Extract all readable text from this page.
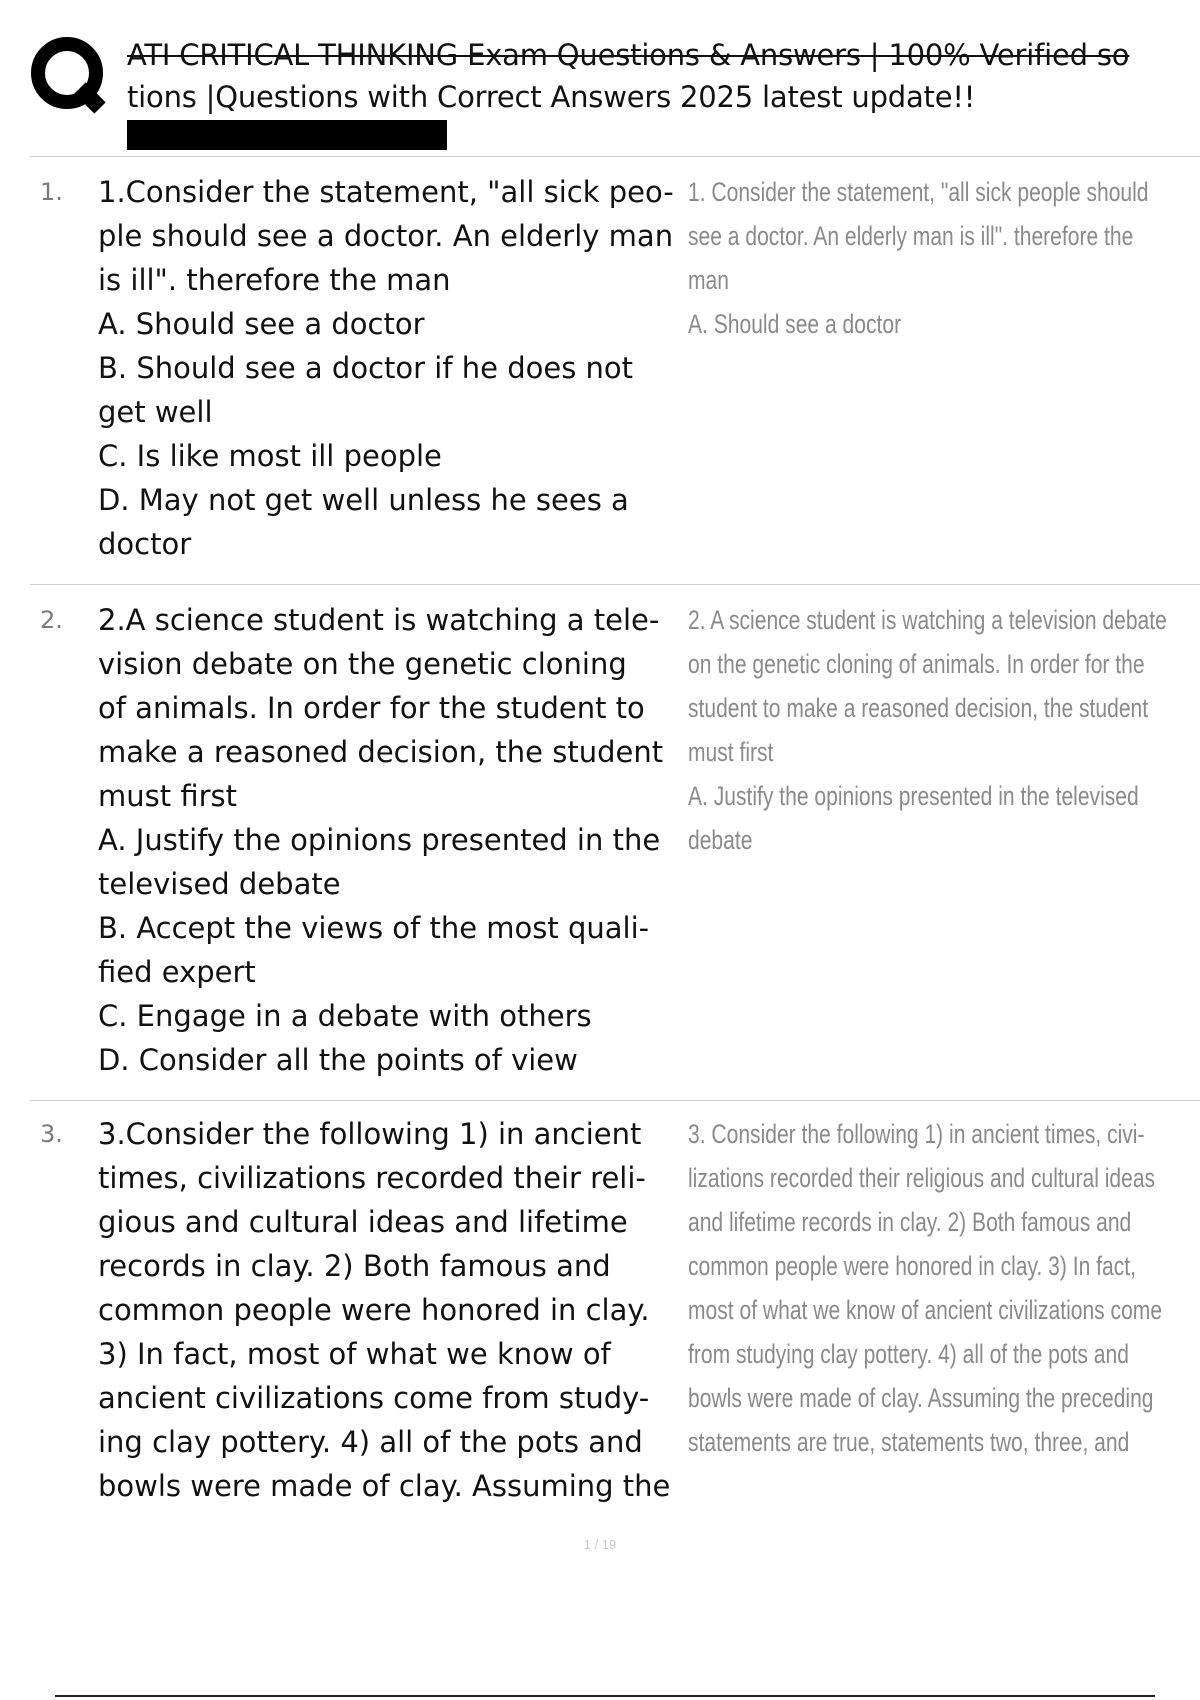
ATI CRITICAL THINKING Exam Questions & Answers | 100% Verified so
tions |Questions with Correct Answers 2025 latest update!!
1. 1.Consider the statement, "all sick peo-

ple should see a doctor. An elderly man

is ill". therefore the man

A. Should see a doctor

B. Should see a doctor if he does not

get well

C. Is like most ill people

D. May not get well unless he sees a

doctor

1. Consider the statement, "all sick people should

see a doctor. An elderly man is ill". therefore the

man

A. Should see a doctor

2. 2.A science student is watching a tele-

vision debate on the genetic cloning

of animals. In order for the student to

make a reasoned decision, the student

must first

A. Justify the opinions presented in the

televised debate

B. Accept the views of the most quali-

fied expert

C. Engage in a debate with others

D. Consider all the points of view

2. A science student is watching a television debate

on the genetic cloning of animals. In order for the

student to make a reasoned decision, the student

must first

A. Justify the opinions presented in the televised

debate

3. 3.Consider the following 1) in ancient

times, civilizations recorded their reli-

gious and cultural ideas and lifetime

records in clay. 2) Both famous and

common people were honored in clay.

3) In fact, most of what we know of

ancient civilizations come from study-

ing clay pottery. 4) all of the pots and

bowls were made of clay. Assuming the

3. Consider the following 1) in ancient times, civi-

lizations recorded their religious and cultural ideas

and lifetime records in clay. 2) Both famous and

common people were honored in clay. 3) In fact,

most of what we know of ancient civilizations come

from studying clay pottery. 4) all of the pots and

bowls were made of clay. Assuming the preceding

statements are true, statements two, three, and

1 / 19
